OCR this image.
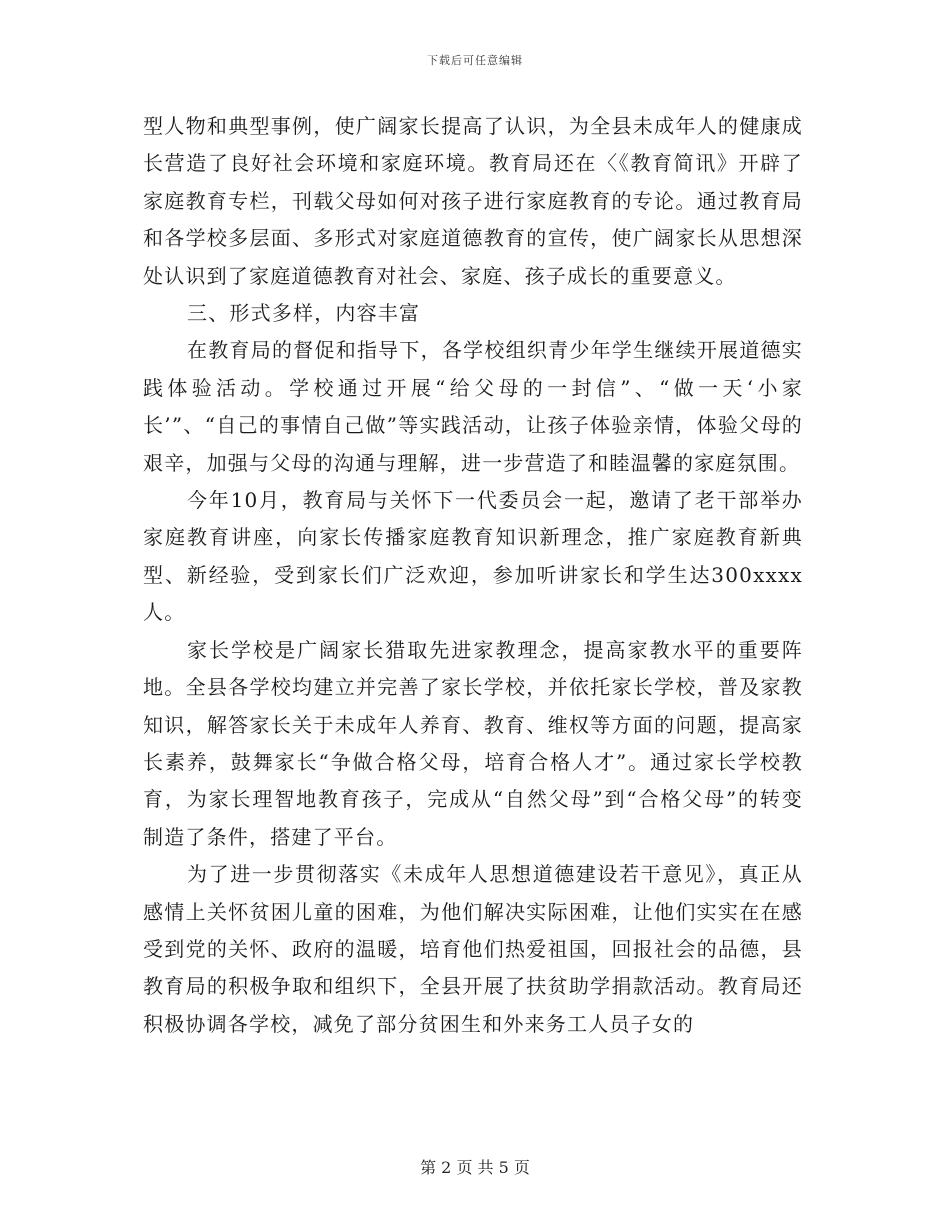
下载后可任意编辑

型人物和典型事例，使广阔家长提高了认识，为全县未成年人的健康成长营造了良好社会环境和家庭环境。教育局还在〈《教育简讯》开辟了家庭教育专栏，刊载父母如何对孩子进行家庭教育的专论。通过教育局和各学校多层面、多形式对家庭道德教育的宣传，使广阔家长从思想深处认识到了家庭道德教育对社会、家庭、孩子成长的重要意义。

三、形式多样，内容丰富

在教育局的督促和指导下，各学校组织青少年学生继续开展道德实践体验活动。学校通过开展“给父母的一封信”、“做一天‘小家长’”、“自己的事情自己做”等实践活动，让孩子体验亲情，体验父母的艰辛，加强与父母的沟通与理解，进一步营造了和睦温馨的家庭氛围。

今年10月，教育局与关怀下一代委员会一起，邀请了老干部举办家庭教育讲座，向家长传播家庭教育知识新理念，推广家庭教育新典型、新经验，受到家长们广泛欢迎，参加听讲家长和学生达300xxxx人。

家长学校是广阔家长猎取先进家教理念，提高家教水平的重要阵地。全县各学校均建立并完善了家长学校，并依托家长学校，普及家教知识，解答家长关于未成年人养育、教育、维权等方面的问题，提高家长素养，鼓舞家长“争做合格父母，培育合格人才”。通过家长学校教育，为家长理智地教育孩子，完成从“自然父母”到“合格父母”的转变制造了条件，搭建了平台。

为了进一步贯彻落实《未成年人思想道德建设若干意见》，真正从感情上关怀贫困儿童的困难，为他们解决实际困难，让他们实实在在感受到党的关怀、政府的温暖，培育他们热爱祖国，回报社会的品德，县教育局的积极争取和组织下，全县开展了扶贫助学捐款活动。教育局还积极协调各学校，减免了部分贫困生和外来务工人员子女的

第 2 页 共 5 页
